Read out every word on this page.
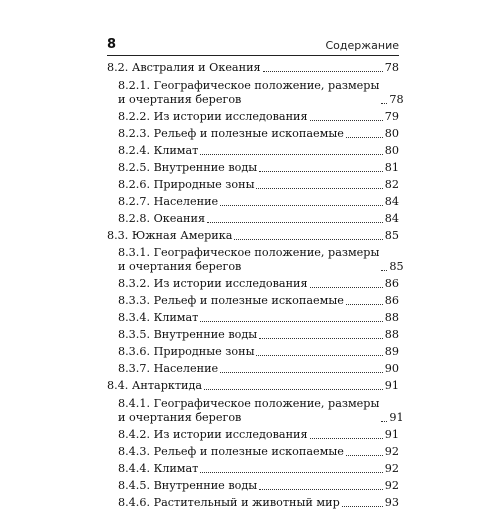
8	Содержание
8.2. Австралия и Океания	78
8.2.1. Географическое положение, размеры
и очертания берегов	78
8.2.2. Из истории исследования	79
8.2.3. Рельеф и полезные ископаемые	80
8.2.4. Климат	80
8.2.5. Внутренние воды	81
8.2.6. Природные зоны	82
8.2.7. Население	84
8.2.8. Океания	84
8.3. Южная Америка	85
8.3.1. Географическое положение, размеры
и очертания берегов	85
8.3.2. Из истории исследования	86
8.3.3. Рельеф и полезные ископаемые	86
8.3.4. Климат	88
8.3.5. Внутренние воды	88
8.3.6. Природные зоны	89
8.3.7. Население	90
8.4. Антарктида	91
8.4.1. Географическое положение, размеры
и очертания берегов	91
8.4.2. Из истории исследования	91
8.4.3. Рельеф и полезные ископаемые	92
8.4.4. Климат	92
8.4.5. Внутренние воды	92
8.4.6. Растительный и животный мир	93
